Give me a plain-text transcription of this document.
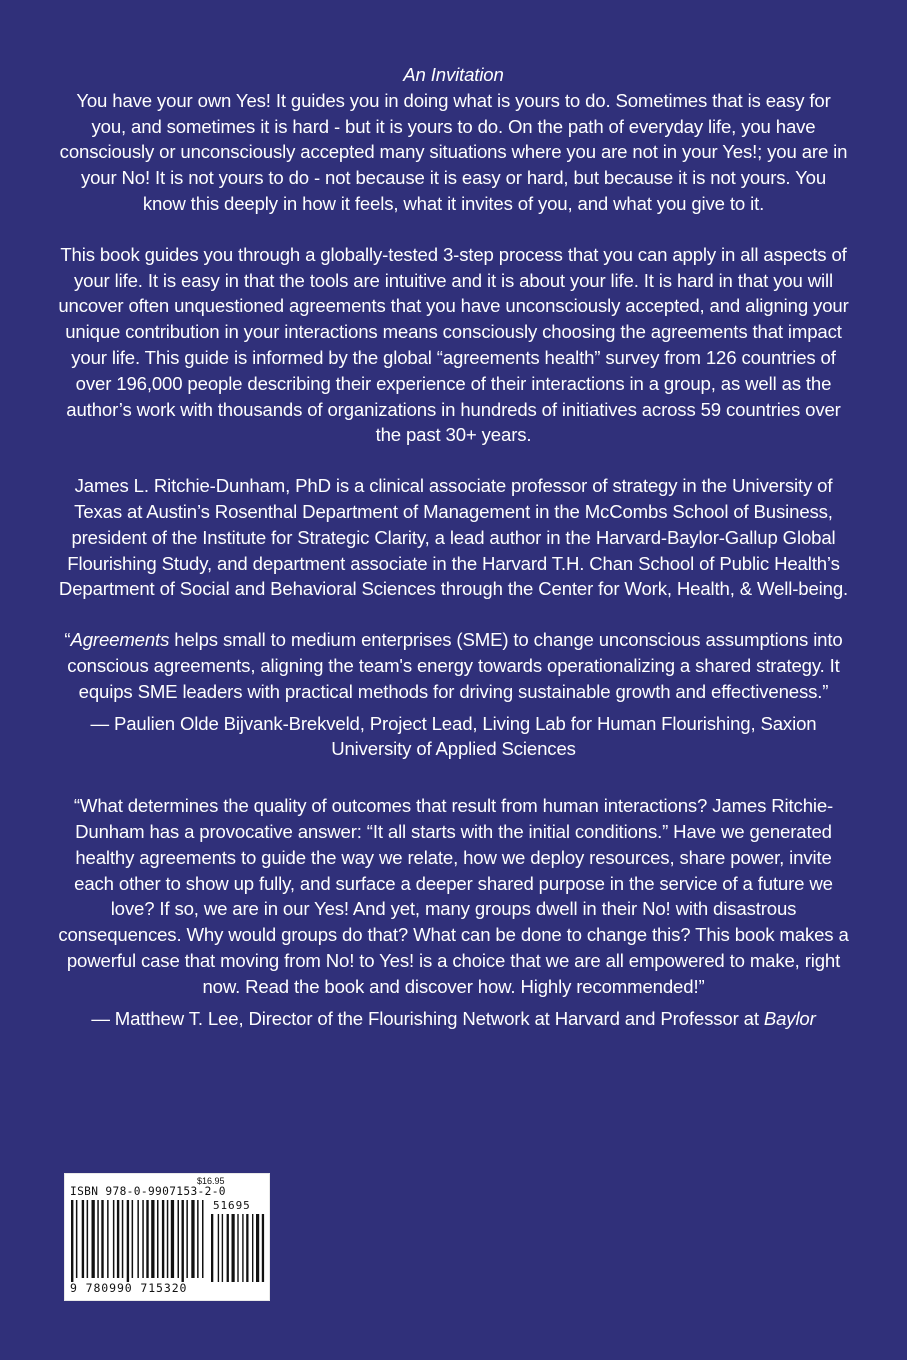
An Invitation

You have your own Yes! It guides you in doing what is yours to do. Sometimes that is easy for you, and sometimes it is hard - but it is yours to do. On the path of everyday life, you have consciously or unconsciously accepted many situations where you are not in your Yes!; you are in your No! It is not yours to do - not because it is easy or hard, but because it is not yours. You know this deeply in how it feels, what it invites of you, and what you give to it.

This book guides you through a globally-tested 3-step process that you can apply in all aspects of your life. It is easy in that the tools are intuitive and it is about your life. It is hard in that you will uncover often unquestioned agreements that you have unconsciously accepted, and aligning your unique contribution in your interactions means consciously choosing the agreements that impact your life. This guide is informed by the global “agreements health” survey from 126 countries of over 196,000 people describing their experience of their interactions in a group, as well as the author’s work with thousands of organizations in hundreds of initiatives across 59 countries over the past 30+ years.

James L. Ritchie-Dunham, PhD is a clinical associate professor of strategy in the University of Texas at Austin’s Rosenthal Department of Management in the McCombs School of Business, president of the Institute for Strategic Clarity, a lead author in the Harvard-Baylor-Gallup Global Flourishing Study, and department associate in the Harvard T.H. Chan School of Public Health’s Department of Social and Behavioral Sciences through the Center for Work, Health, & Well-being.

“Agreements helps small to medium enterprises (SME) to change unconscious assumptions into conscious agreements, aligning the team's energy towards operationalizing a shared strategy. It equips SME leaders with practical methods for driving sustainable growth and effectiveness.”

— Paulien Olde Bijvank-Brekveld, Project Lead, Living Lab for Human Flourishing, Saxion University of Applied Sciences

“What determines the quality of outcomes that result from human interactions? James Ritchie-Dunham has a provocative answer: “It all starts with the initial conditions.” Have we generated healthy agreements to guide the way we relate, how we deploy resources, share power, invite each other to show up fully, and surface a deeper shared purpose in the service of a future we love? If so, we are in our Yes! And yet, many groups dwell in their No! with disastrous consequences. Why would groups do that? What can be done to change this? This book makes a powerful case that moving from No! to Yes! is a choice that we are all empowered to make, right now. Read the book and discover how. Highly recommended!”

— Matthew T. Lee, Director of the Flourishing Network at Harvard and Professor at Baylor

$16.95
ISBN 978-0-9907153-2-0
51695
9 780990 715320
